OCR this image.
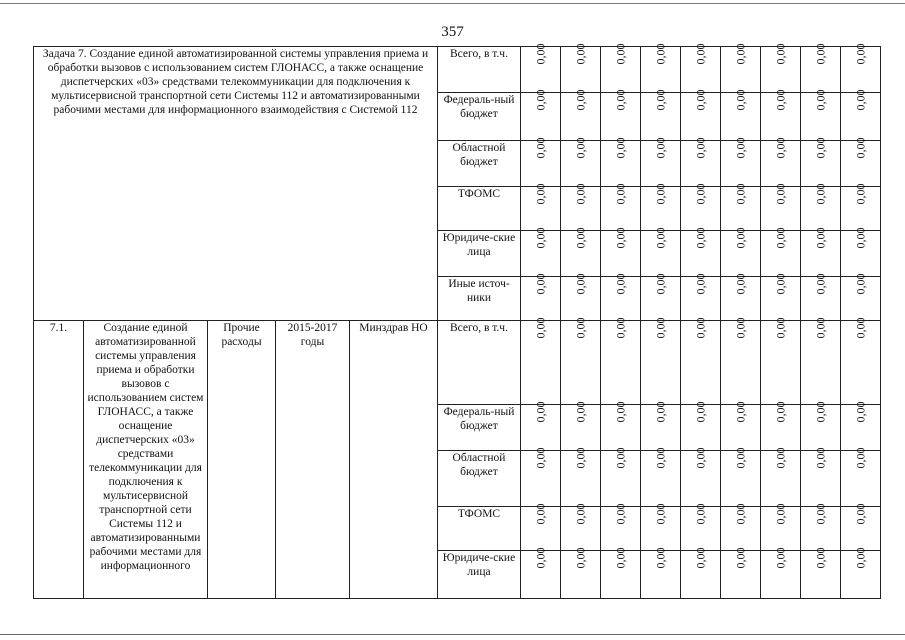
357
Задача 7. Создание единой автоматизированной системы управления приема и обработки вызовов с использованием систем ГЛОНАСС, а также оснащение диспетчерских «03» средствами телекоммуникации для подключения к мультисервисной транспортной сети Системы 112 и автоматизированными рабочими местами для информационного взаимодействия с Системой 112					Всего, в т.ч.	0,00	0,00	0,00	0,00	0,00	0,00	0,00	0,00	0,00
					Федераль-ный бюджет	0,00	0,00	0,00	0,00	0,00	0,00	0,00	0,00	0,00
					Областной бюджет	0,00	0,00	0,00	0,00	0,00	0,00	0,00	0,00	0,00
					ТФОМС	0,00	0,00	0,00	0,00	0,00	0,00	0,00	0,00	0,00
					Юридиче-ские лица	0,00	0,00	0,00	0,00	0,00	0,00	0,00	0,00	0,00
					Иные источ-ники	0,00	0,00	0,00	0,00	0,00	0,00	0,00	0,00	0,00
7.1.	Создание единой автоматизированной системы управления приема и обработки вызовов с использованием систем ГЛОНАСС, а также оснащение диспетчерских «03» средствами телекоммуникации для подключения к мультисервисной транспортной сети Системы 112 и автоматизированными рабочими местами для информационного	Прочие расходы	2015-2017 годы	Минздрав НО	Всего, в т.ч.	0,00	0,00	0,00	0,00	0,00	0,00	0,00	0,00	0,00
					Федераль-ный бюджет	0,00	0,00	0,00	0,00	0,00	0,00	0,00	0,00	0,00
					Областной бюджет	0,00	0,00	0,00	0,00	0,00	0,00	0,00	0,00	0,00
					ТФОМС	0,00	0,00	0,00	0,00	0,00	0,00	0,00	0,00	0,00
					Юридиче-ские лица	0,00	0,00	0,00	0,00	0,00	0,00	0,00	0,00	0,00
